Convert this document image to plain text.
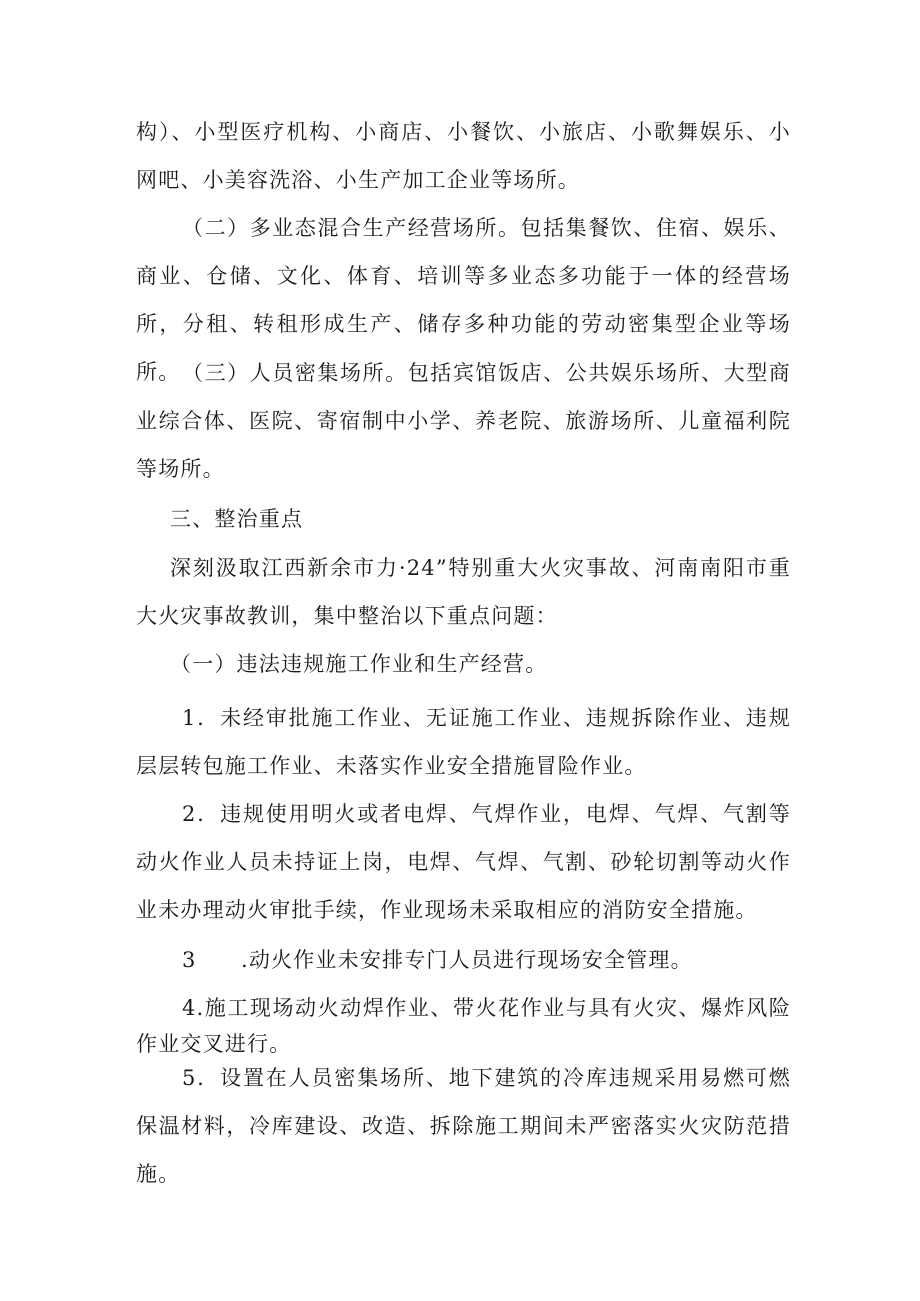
构）、小型医疗机构、小商店、小餐饮、小旅店、小歌舞娱乐、小网吧、小美容洗浴、小生产加工企业等场所。

（二）多业态混合生产经营场所。包括集餐饮、住宿、娱乐、商业、仓储、文化、体育、培训等多业态多功能于一体的经营场所，分租、转租形成生产、储存多种功能的劳动密集型企业等场所。 （三）人员密集场所。包括宾馆饭店、公共娱乐场所、大型商业综合体、医院、寄宿制中小学、养老院、旅游场所、儿童福利院等场所。

三、整治重点

深刻汲取江西新余市力·24”特别重大火灾事故、河南南阳市重大火灾事故教训，集中整治以下重点问题：

（一）违法违规施工作业和生产经营。

1．未经审批施工作业、无证施工作业、违规拆除作业、违规层层转包施工作业、未落实作业安全措施冒险作业。

2．违规使用明火或者电焊、气焊作业，电焊、气焊、气割等动火作业人员未持证上岗，电焊、气焊、气割、砂轮切割等动火作业未办理动火审批手续，作业现场未采取相应的消防安全措施。

3　　.动火作业未安排专门人员进行现场安全管理。

4.施工现场动火动焊作业、带火花作业与具有火灾、爆炸风险作业交叉进行。

5．设置在人员密集场所、地下建筑的冷库违规采用易燃可燃保温材料，冷库建设、改造、拆除施工期间未严密落实火灾防范措施。
